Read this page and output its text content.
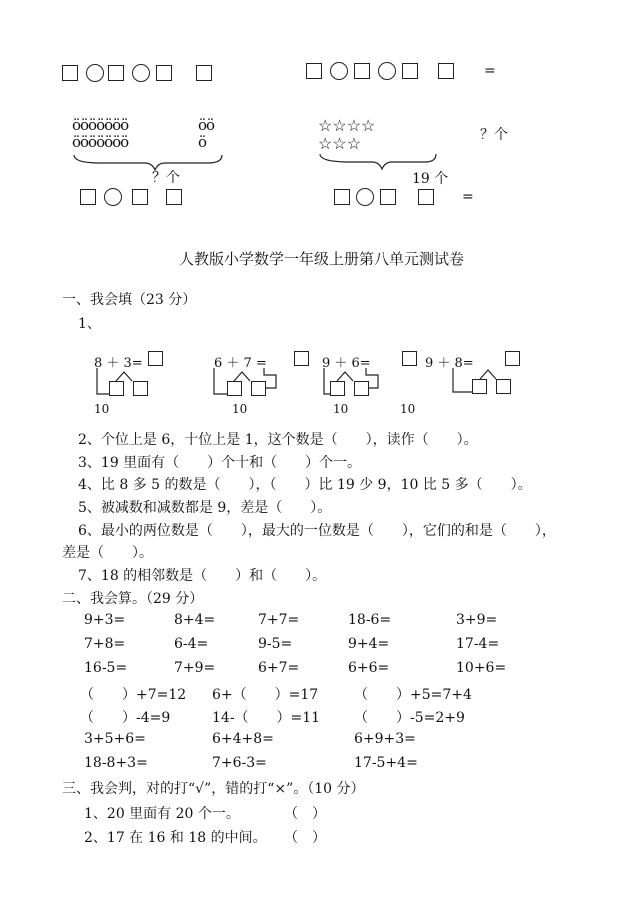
=
ӧӧӧӧӧӧӧ
ӧӧӧӧӧӧӧ
ӧӧ
ӧ
☆☆☆☆
☆☆☆
？个
？个
19 个
=
人教版小学数学一年级上册第八单元测试卷
一、我会填（23 分）
1、
8 ＋ 3=
10
6 ＋ 7 =
10
9 ＋ 6=
10
9 ＋ 8=
10
2、个位上是 6，十位上是 1，这个数是（　　），读作（　　）。
3、19 里面有（　　）个十和（　　）个一。
4、比 8 多 5 的数是（　　），（　　）比 19 少 9，10 比 5 多（　　）。
5、被减数和减数都是 9，差是（　　）。
6、最小的两位数是（　　），最大的一位数是（　　），它们的和是（　　），
差是（　　）。
7、18 的相邻数是（　　）和（　　）。
二、我会算。（29 分）
9+3=	8+4=	7+7=	18-6=	3+9=
7+8=	6-4=	9-5=	9+4=	17-4=
16-5=	7+9=	6+7=	6+6=	10+6=
（　　）+7=12 6+（　　）=17	（　　）+5=7+4
（　　）-4=9	14-（　　）=11 （　　）-5=2+9
3+5+6=	6+4+8=	6+9+3=
18-8+3=	7+6-3=	17-5+4=
三、我会判，对的打“√”，错的打“×”。（10 分）
1、20 里面有 20 个一。	（　）
2、17 在 16 和 18 的中间。 （　）
